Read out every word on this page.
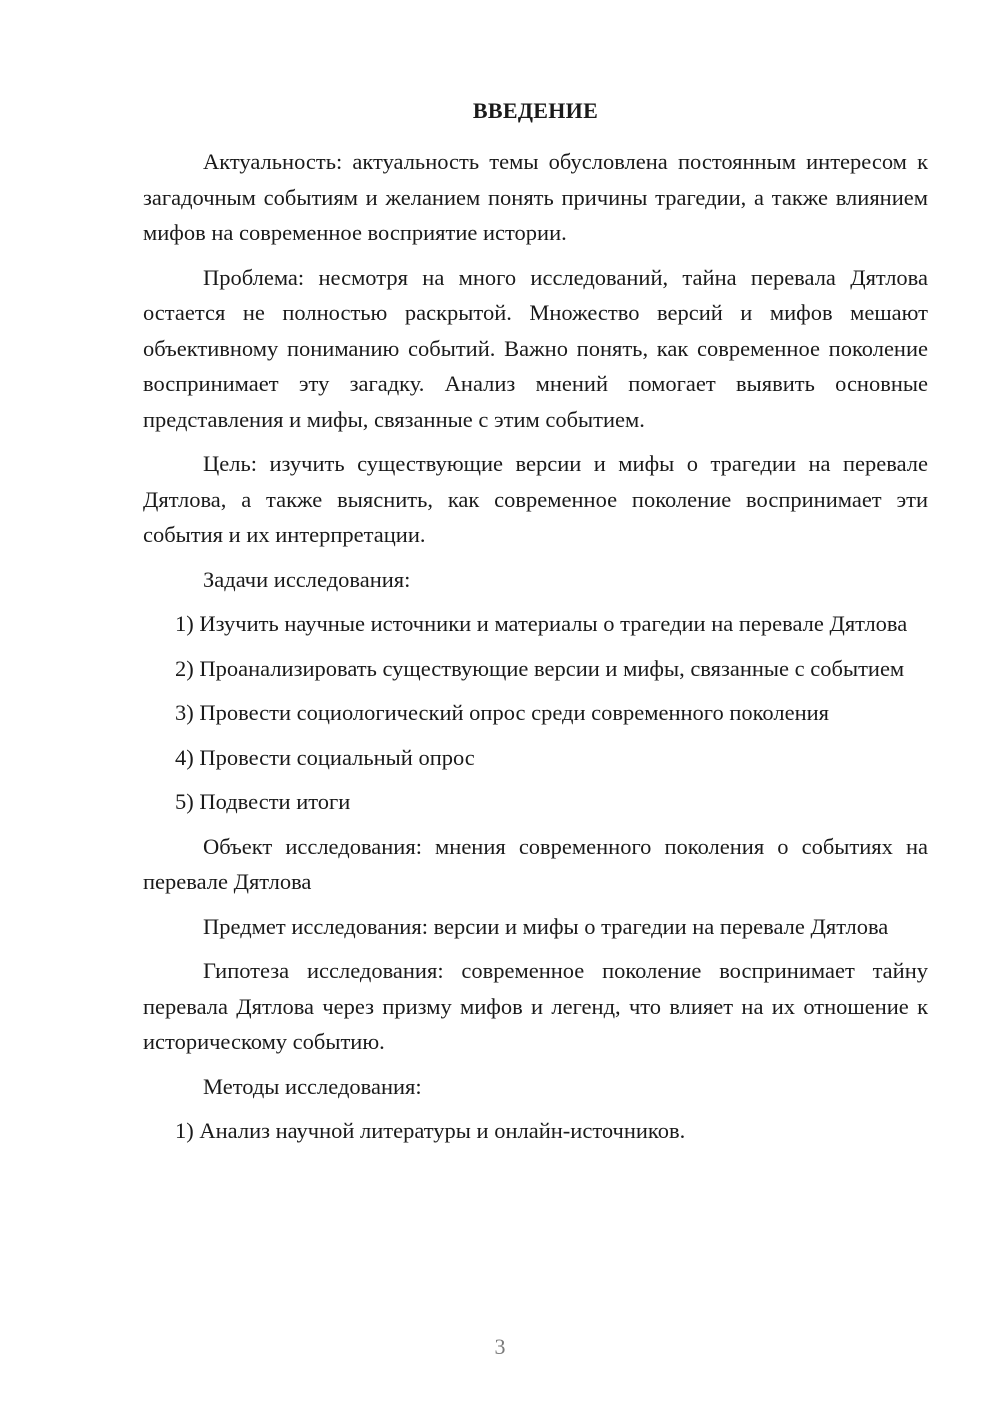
ВВЕДЕНИЕ

Актуальность: актуальность темы обусловлена постоянным интересом к загадочным событиям и желанием понять причины трагедии, а также влиянием мифов на современное восприятие истории.

Проблема: несмотря на много исследований, тайна перевала Дятлова остается не полностью раскрытой. Множество версий и мифов мешают объективному пониманию событий. Важно понять, как современное поколение воспринимает эту загадку. Анализ мнений помогает выявить основные представления и мифы, связанные с этим событием.

Цель: изучить существующие версии и мифы о трагедии на перевале Дятлова, а также выяснить, как современное поколение воспринимает эти события и их интерпретации.

Задачи исследования:

1) Изучить научные источники и материалы о трагедии на перевале Дятлова

2) Проанализировать существующие версии и мифы, связанные с событием

3) Провести социологический опрос среди современного поколения

4) Провести социальный опрос

5) Подвести итоги

Объект исследования: мнения современного поколения о событиях на перевале Дятлова

Предмет исследования: версии и мифы о трагедии на перевале Дятлова

Гипотеза исследования: современное поколение воспринимает тайну перевала Дятлова через призму мифов и легенд, что влияет на их отношение к историческому событию.

Методы исследования:

1) Анализ научной литературы и онлайн-источников.

3
